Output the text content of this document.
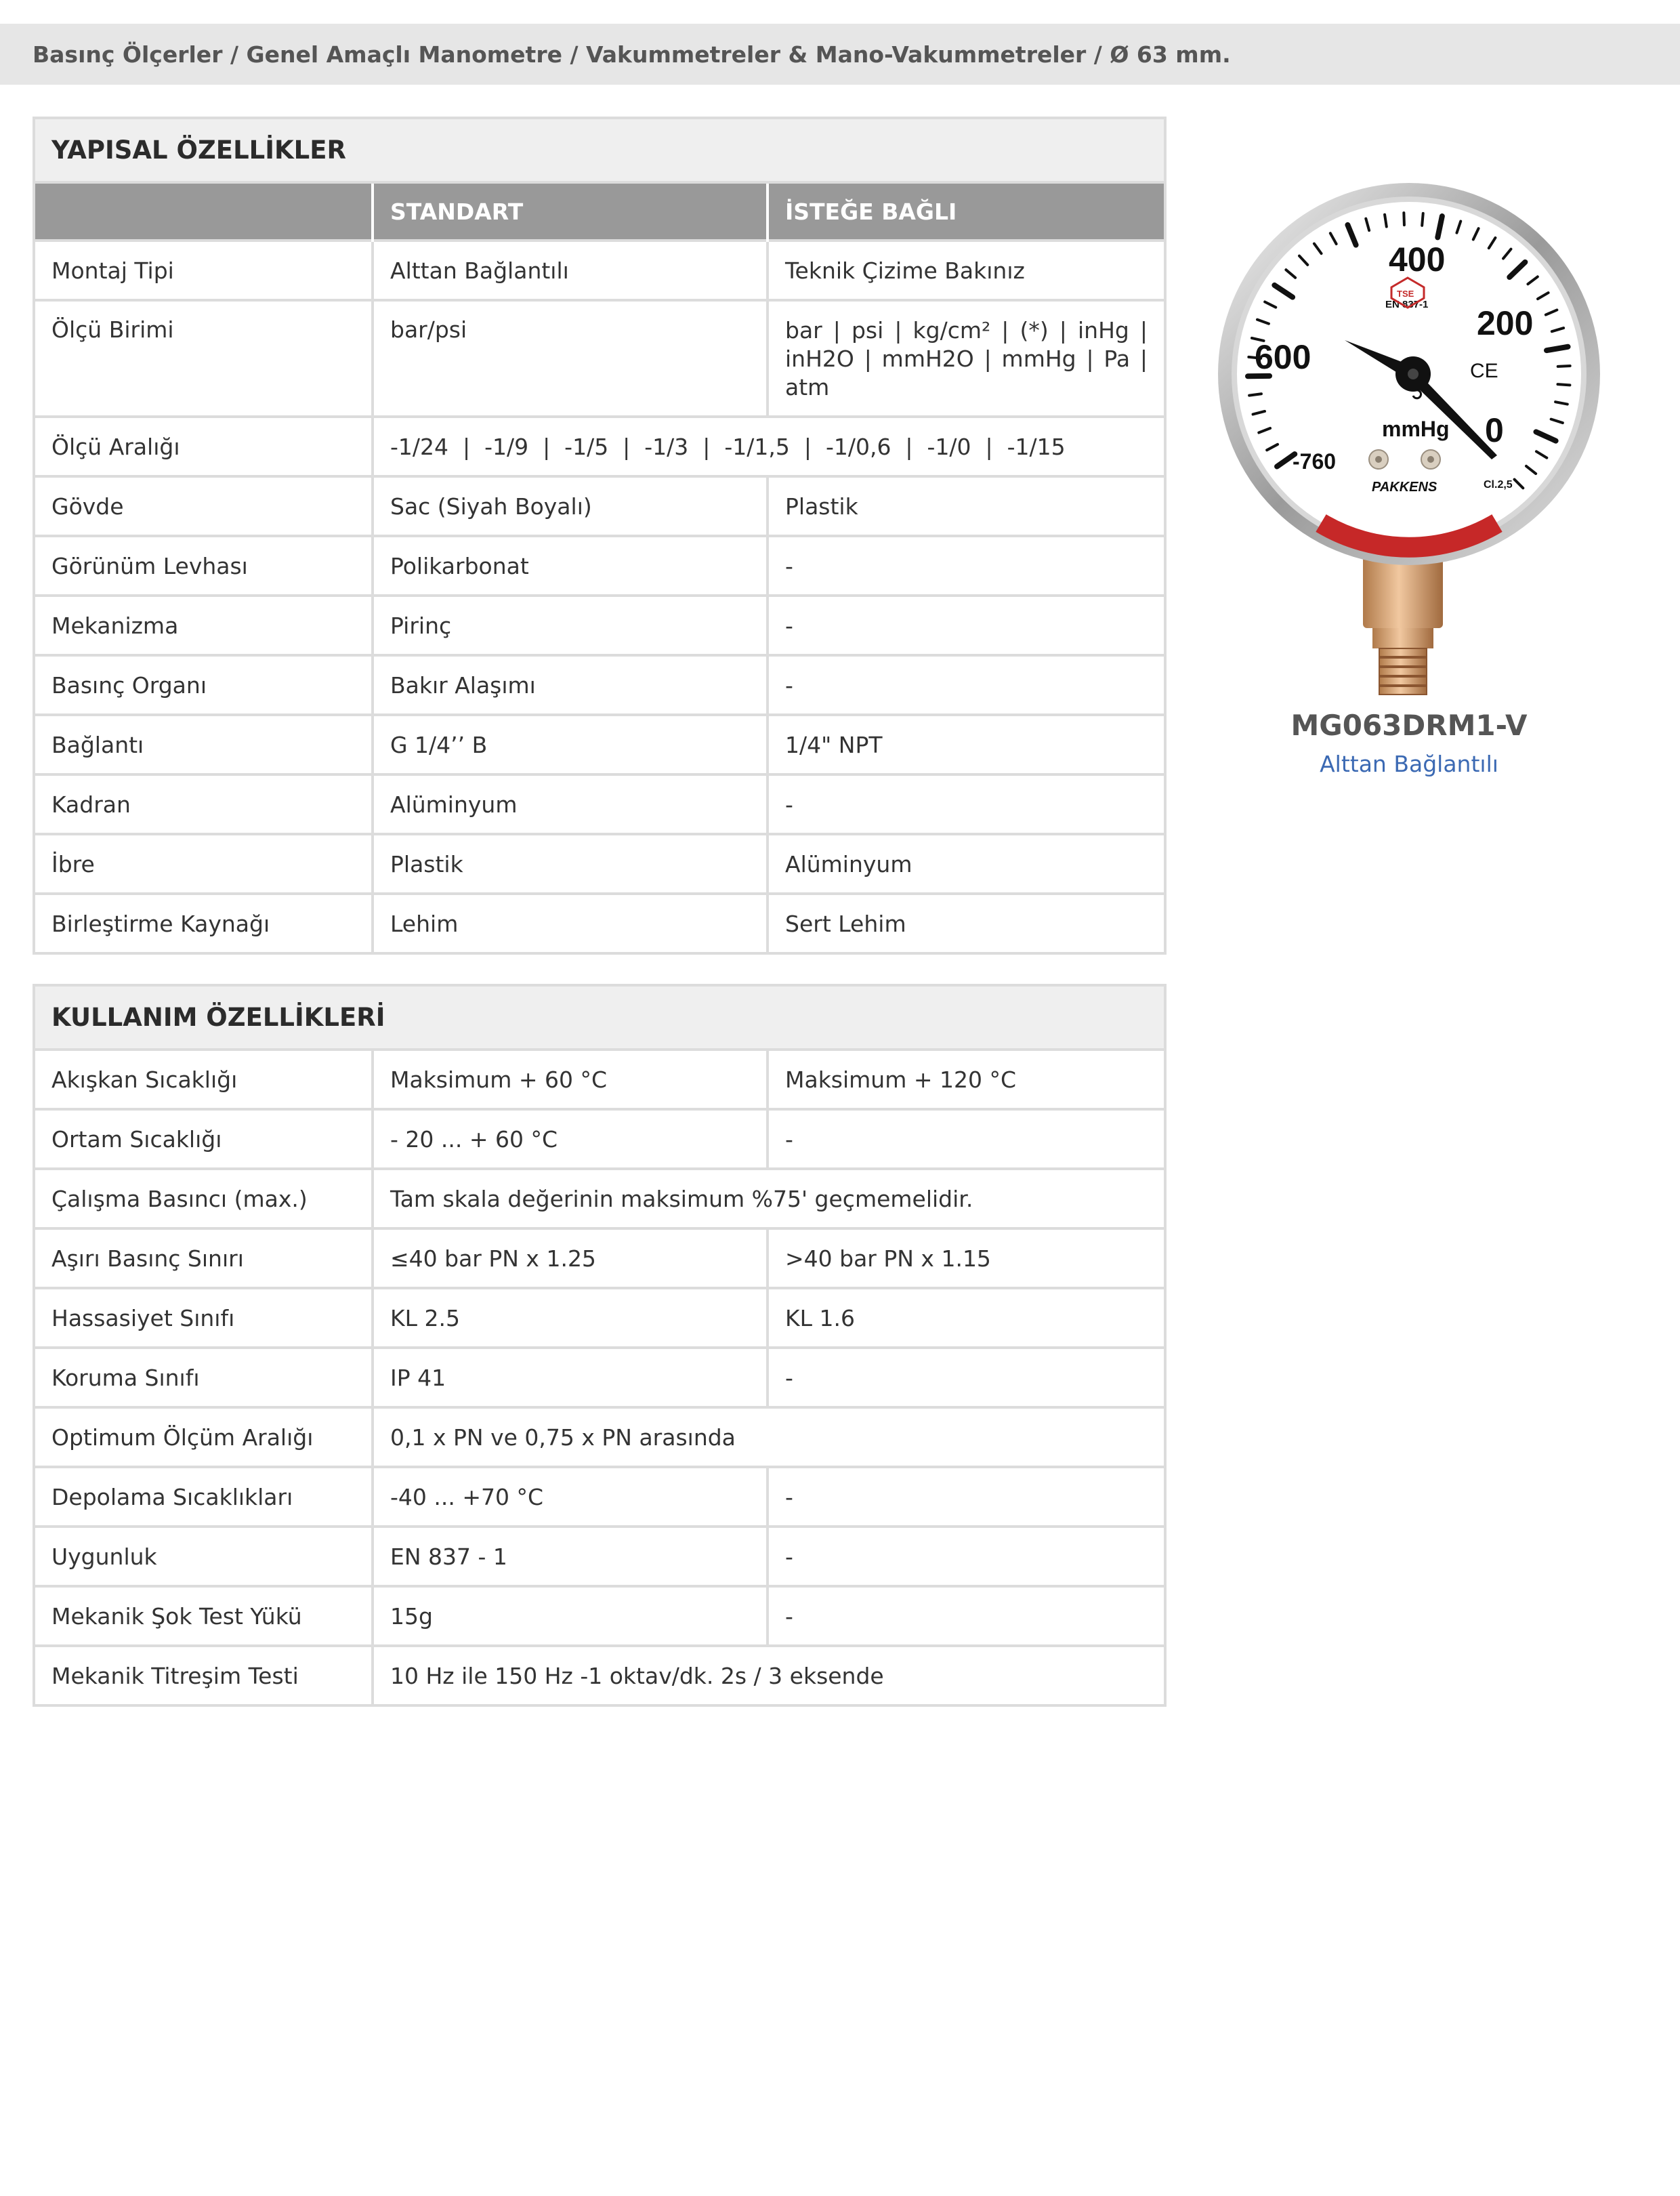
Basınç Ölçerler / Genel Amaçlı Manometre / Vakummetreler & Mano-Vakummetreler / Ø 63 mm.
YAPISAL ÖZELLİKLER		
	STANDART	İSTEĞE BAĞLI
Montaj Tipi	Alttan Bağlantılı	Teknik Çizime Bakınız
Ölçü Birimi	bar/psi	bar | psi | kg/cm² | (*) | inHg | inH2O | mmH2O | mmHg | Pa | atm
Ölçü Aralığı	-1/24  |  -1/9  |  -1/5  |  -1/3  |  -1/1,5  |  -1/0,6  |  -1/0  |  -1/15	
Gövde	Sac (Siyah Boyalı)	Plastik
Görünüm Levhası	Polikarbonat	-
Mekanizma	Pirinç	-
Basınç Organı	Bakır Alaşımı	-
Bağlantı	G 1/4’’ B	1/4" NPT
Kadran	Alüminyum	-
İbre	Plastik	Alüminyum
Birleştirme Kaynağı	Lehim	Sert Lehim
KULLANIM ÖZELLİKLERİ		
Akışkan Sıcaklığı	Maksimum + 60 °C	Maksimum + 120 °C
Ortam Sıcaklığı	- 20 ... + 60 °C	-
Çalışma Basıncı (max.)	Tam skala değerinin maksimum %75' geçmemelidir.	
Aşırı Basınç Sınırı	≤40 bar PN x 1.25	>40 bar PN x 1.15
Hassasiyet Sınıfı	KL 2.5	KL 1.6
Koruma Sınıfı	IP 41	-
Optimum Ölçüm Aralığı	0,1 x PN ve 0,75 x PN arasında	
Depolama Sıcaklıkları	-40 ... +70 °C	-
Uygunluk	EN 837 - 1	-
Mekanik Şok Test Yükü	15g	-
Mekanik Titreşim Testi	10 Hz ile 150 Hz -1 oktav/dk. 2s / 3 eksende	
400
200
600
0
-760
mmHg
PAKKENS	Cl.2,5
EN 837-1
CE
TSE
Made in Turkey
MG063DRM1-V
Alttan Bağlantılı
